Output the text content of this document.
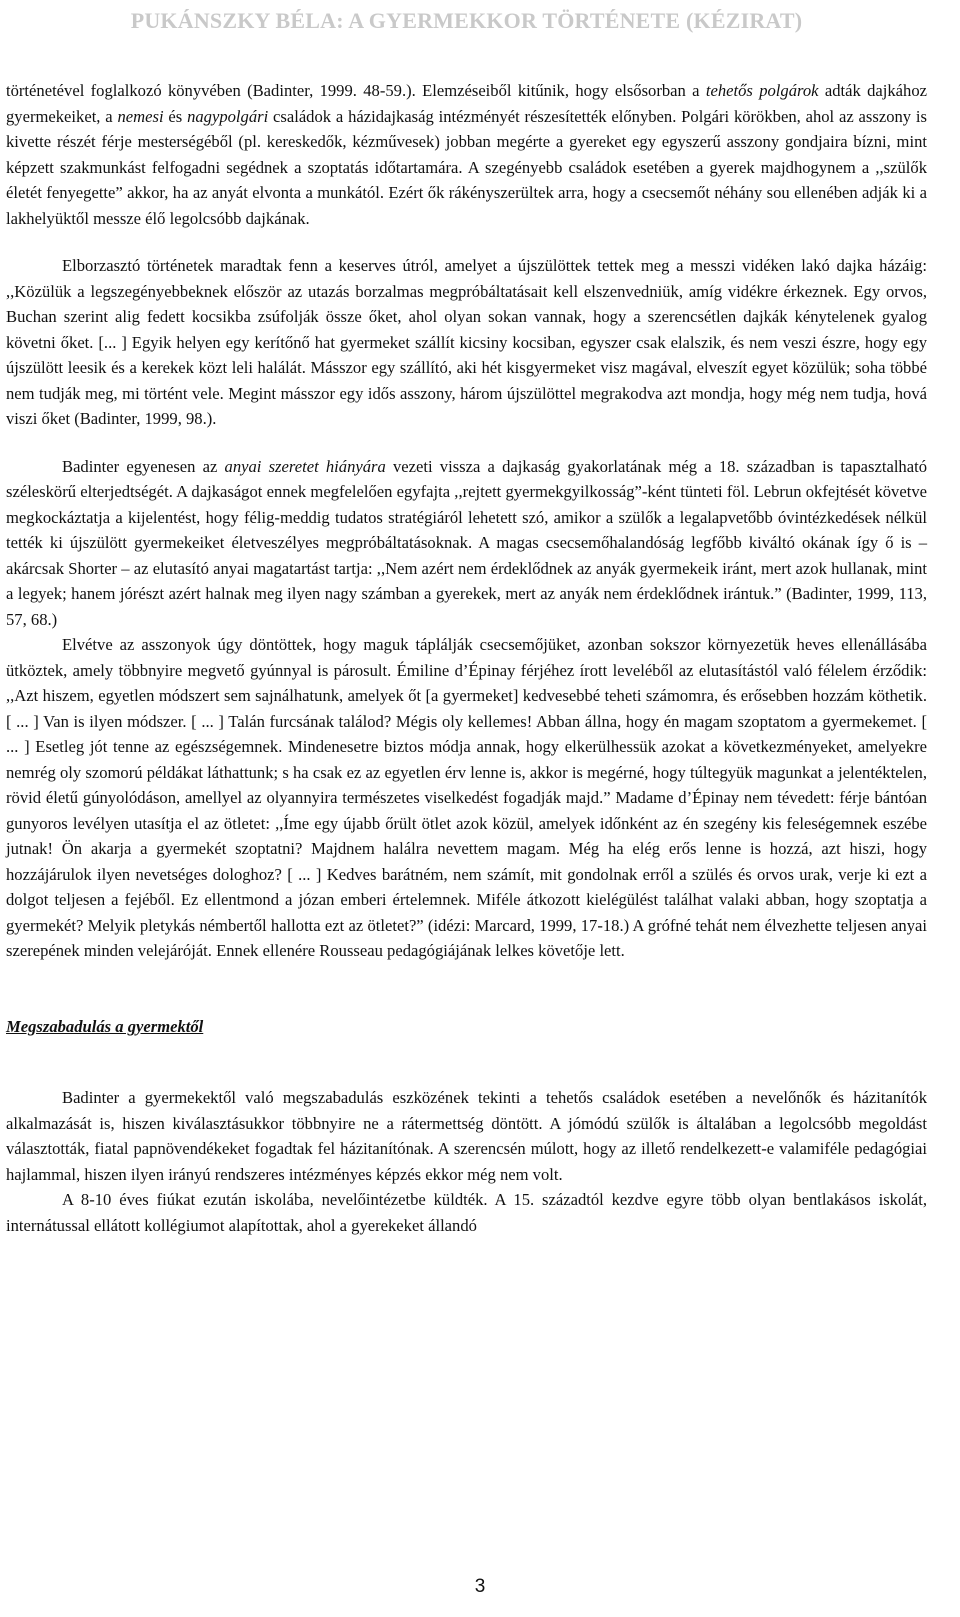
PUKÁNSZKY BÉLA: A GYERMEKKOR TÖRTÉNETE (KÉZIRAT)

történetével foglalkozó könyvében (Badinter, 1999. 48-59.). Elemzéseiből kitűnik, hogy elsősorban a tehetős polgárok adták dajkához gyermekeiket, a nemesi és nagypolgári családok a házidajkaság intézményét részesítették előnyben. Polgári körökben, ahol az asszony is kivette részét férje mesterségéből (pl. kereskedők, kézművesek) jobban megérte a gyereket egy egyszerű asszony gondjaira bízni, mint képzett szakmunkást felfogadni segédnek a szoptatás időtartamára. A szegényebb családok esetében a gyerek majdhogynem a ,,szülők életét fenyegette” akkor, ha az anyát elvonta a munkától. Ezért ők rákényszerültek arra, hogy a csecsemőt néhány sou ellenében adják ki a lakhelyüktől messze élő legolcsóbb dajkának.

Elborzasztó történetek maradtak fenn a keserves útról, amelyet a újszülöttek tettek meg a messzi vidéken lakó dajka házáig: ,,Közülük a legszegényebbeknek először az utazás borzalmas megpróbáltatásait kell elszenvedniük, amíg vidékre érkeznek. Egy orvos, Buchan szerint alig fedett kocsikba zsúfolják össze őket, ahol olyan sokan vannak, hogy a szerencsétlen dajkák kénytelenek gyalog követni őket. [... ] Egyik helyen egy kerítőnő hat gyermeket szállít kicsiny kocsiban, egyszer csak elalszik, és nem veszi észre, hogy egy újszülött leesik és a kerekek közt leli halálát. Másszor egy szállító, aki hét kisgyermeket visz magával, elveszít egyet közülük; soha többé nem tudják meg, mi történt vele. Megint másszor egy idős asszony, három újszülöttel megrakodva azt mondja, hogy még nem tudja, hová viszi őket (Badinter, 1999, 98.).

Badinter egyenesen az anyai szeretet hiányára vezeti vissza a dajkaság gyakorlatának még a 18. században is tapasztalható széleskörű elterjedtségét. A dajkaságot ennek megfelelően egyfajta ,,rejtett gyermekgyilkosság”-ként tünteti föl. Lebrun okfejtését követve megkockáztatja a kijelentést, hogy félig-meddig tudatos stratégiáról lehetett szó, amikor a szülők a legalapvetőbb óvintézkedések nélkül tették ki újszülött gyermekeiket életveszélyes megpróbáltatásoknak. A magas csecsemőhalandóság legfőbb kiváltó okának így ő is – akárcsak Shorter – az elutasító anyai magatartást tartja: ,,Nem azért nem érdeklődnek az anyák gyermekeik iránt, mert azok hullanak, mint a legyek; hanem jórészt azért halnak meg ilyen nagy számban a gyerekek, mert az anyák nem érdeklődnek irántuk.” (Badinter, 1999, 113, 57, 68.)

Elvétve az asszonyok úgy döntöttek, hogy maguk táplálják csecsemőjüket, azonban sokszor környezetük heves ellenállásába ütköztek, amely többnyire megvető gyúnnyal is párosult. Émiline d’Épinay férjéhez írott leveléből az elutasítástól való félelem érződik: ,,Azt hiszem, egyetlen módszert sem sajnálhatunk, amelyek őt [a gyermeket] kedvesebbé teheti számomra, és erősebben hozzám köthetik. [ ... ] Van is ilyen módszer. [ ... ] Talán furcsának találod? Mégis oly kellemes! Abban állna, hogy én magam szoptatom a gyermekemet. [ ... ] Esetleg jót tenne az egészségemnek. Mindenesetre biztos módja annak, hogy elkerülhessük azokat a következményeket, amelyekre nemrég oly szomorú példákat láthattunk; s ha csak ez az egyetlen érv lenne is, akkor is megérné, hogy túltegyük magunkat a jelentéktelen, rövid életű gúnyolódáson, amellyel az olyannyira természetes viselkedést fogadják majd.” Madame d’Épinay nem tévedett: férje bántóan gunyoros levélyen utasítja el az ötletet: ,,Íme egy újabb őrült ötlet azok közül, amelyek időnként az én szegény kis feleségemnek eszébe jutnak! Ön akarja a gyermekét szoptatni? Majdnem halálra nevettem magam. Még ha elég erős lenne is hozzá, azt hiszi, hogy hozzájárulok ilyen nevetséges dologhoz? [ ... ] Kedves barátném, nem számít, mit gondolnak erről a szülés és orvos urak, verje ki ezt a dolgot teljesen a fejéből. Ez ellentmond a józan emberi értelemnek. Miféle átkozott kielégülést találhat valaki abban, hogy szoptatja a gyermekét? Melyik pletykás némbertől hallotta ezt az ötletet?” (idézi: Marcard, 1999, 17-18.) A grófné tehát nem élvezhette teljesen anyai szerepének minden velejáróját. Ennek ellenére Rousseau pedagógiájának lelkes követője lett.

Megszabadulás a gyermektől

Badinter a gyermekektől való megszabadulás eszközének tekinti a tehetős családok esetében a nevelőnők és házitanítók alkalmazását is, hiszen kiválasztásukkor többnyire ne a rátermettség döntött. A jómódú szülők is általában a legolcsóbb megoldást választották, fiatal papnövendékeket fogadtak fel házitanítónak. A szerencsén múlott, hogy az illető rendelkezett-e valamiféle pedagógiai hajlammal, hiszen ilyen irányú rendszeres intézményes képzés ekkor még nem volt.

A 8-10 éves fiúkat ezután iskolába, nevelőintézetbe küldték. A 15. századtól kezdve egyre több olyan bentlakásos iskolát, internátussal ellátott kollégiumot alapítottak, ahol a gyerekeket állandó

3
